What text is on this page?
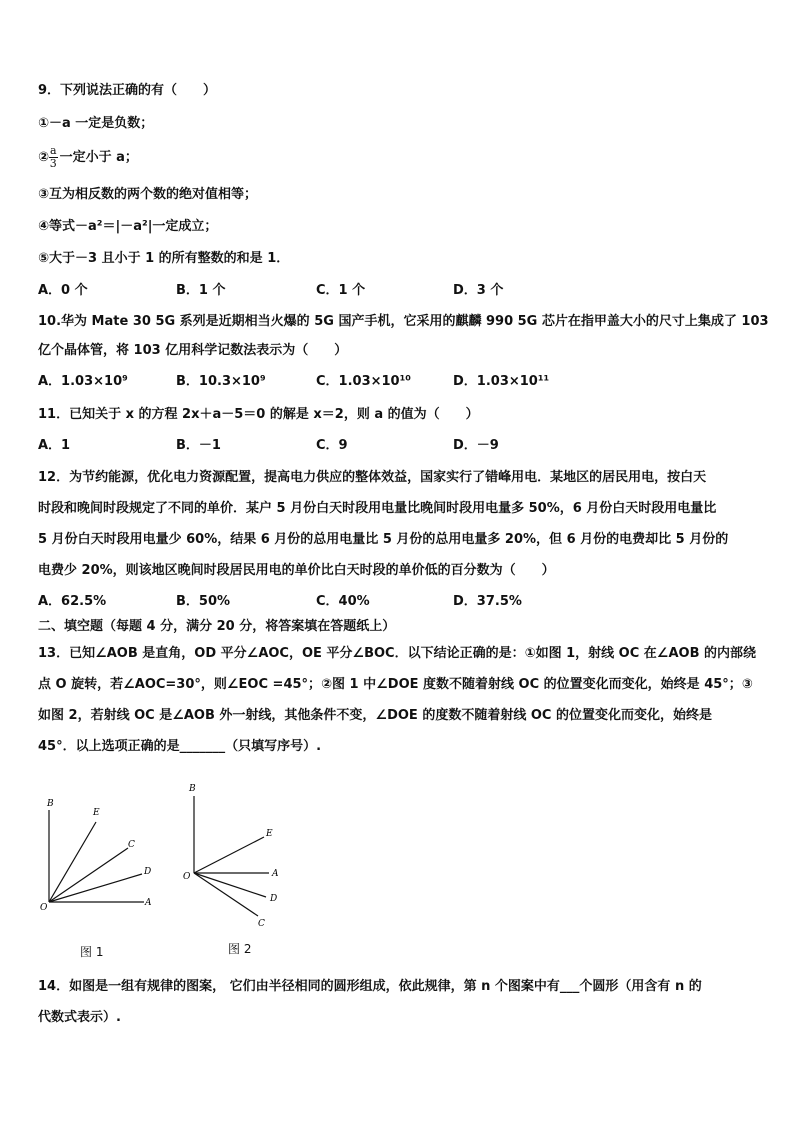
9．下列说法正确的有（　　）
①－a 一定是负数；
② $\frac{a}{3}$ 一定小于 a；
③互为相反数的两个数的绝对值相等；
④等式－a²＝|－a²|一定成立；
⑤大于－3 且小于 1 的所有整数的和是 1．
A．0 个	B．1 个	C．1 个	D．3 个
10.华为 Mate 30 5G 系列是近期相当火爆的 5G 国产手机，它采用的麒麟 990 5G 芯片在指甲盖大小的尺寸上集成了 103
亿个晶体管，将 103 亿用科学记数法表示为（　　）
A．1.03×10⁹	B．10.3×10⁹	C．1.03×10¹⁰	D．1.03×10¹¹
11．已知关于 x 的方程 2x＋a－5＝0 的解是 x＝2，则 a 的值为（　　）
A．1	B．－1	C．9	D．－9
12．为节约能源，优化电力资源配置，提高电力供应的整体效益，国家实行了错峰用电．某地区的居民用电，按白天
时段和晚间时段规定了不同的单价．某户 5 月份白天时段用电量比晚间时段用电量多 50%，6 月份白天时段用电量比
5 月份白天时段用电量少 60%，结果 6 月份的总用电量比 5 月份的总用电量多 20%，但 6 月份的电费却比 5 月份的
电费少 20%，则该地区晚间时段居民用电的单价比白天时段的单价低的百分数为（　　）
A．62.5%	B．50%	C．40%	D．37.5%
二、填空题（每题 4 分，满分 20 分，将答案填在答题纸上）
13．已知∠AOB 是直角，OD 平分∠AOC，OE 平分∠BOC．以下结论正确的是：①如图 1，射线 OC 在∠AOB 的内部绕
点 O 旋转，若∠AOC=30°，则∠EOC =45°；②图 1 中∠DOE 度数不随着射线 OC 的位置变化而变化，始终是 45°；③
如图 2，若射线 OC 是∠AOB 外一射线，其他条件不变，∠DOE 的度数不随着射线 OC 的位置变化而变化，始终是
45°．以上选项正确的是_______（只填写序号）.
B
E
C
D
O	A
图 1
B
E
O	A
D
C
图 2
14．如图是一组有规律的图案， 它们由半径相同的圆形组成，依此规律，第 n 个图案中有___个圆形（用含有 n 的
代数式表示）.
